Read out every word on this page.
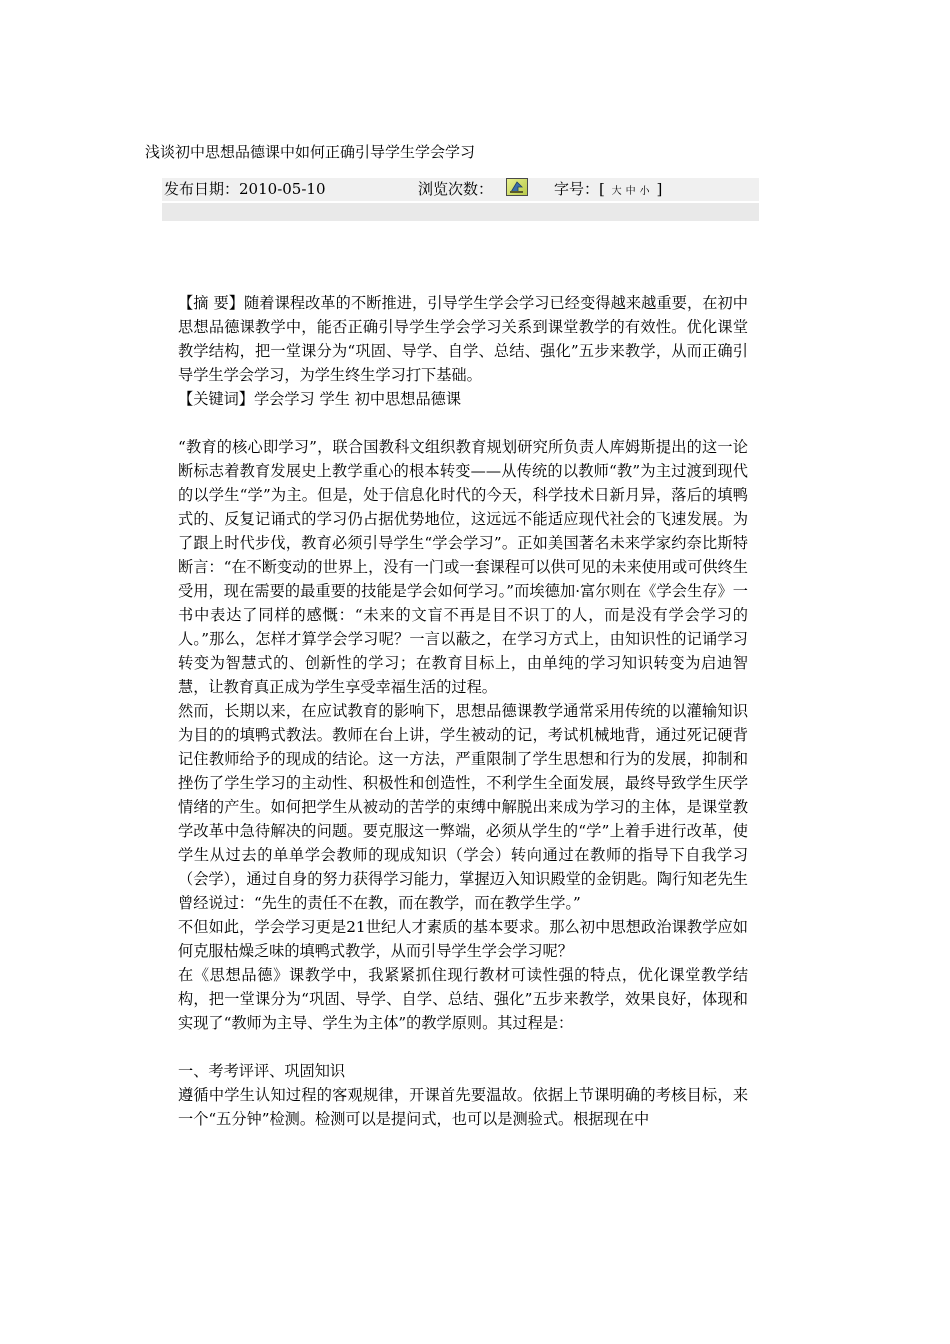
浅谈初中思想品德课中如何正确引导学生学会学习
发布日期：2010-05-10	浏览次数：	字号：[ 大 中 小 ]

【摘 要】随着课程改革的不断推进，引导学生学会学习已经变得越来越重要，在初中思想品德课教学中，能否正确引导学生学会学习关系到课堂教学的有效性。优化课堂教学结构，把一堂课分为“巩固、导学、自学、总结、强化”五步来教学，从而正确引导学生学会学习，为学生终生学习打下基础。

【关键词】学会学习 学生 初中思想品德课

“教育的核心即学习”，联合国教科文组织教育规划研究所负责人库姆斯提出的这一论断标志着教育发展史上教学重心的根本转变——从传统的以教师“教”为主过渡到现代的以学生“学”为主。但是，处于信息化时代的今天，科学技术日新月异，落后的填鸭式的、反复记诵式的学习仍占据优势地位，这远远不能适应现代社会的飞速发展。为了跟上时代步伐，教育必须引导学生“学会学习”。正如美国著名未来学家约奈比斯特断言：“在不断变动的世界上，没有一门或一套课程可以供可见的未来使用或可供终生受用，现在需要的最重要的技能是学会如何学习。”而埃德加·富尔则在《学会生存》一书中表达了同样的感慨：“未来的文盲不再是目不识丁的人，而是没有学会学习的人。”那么，怎样才算学会学习呢？一言以蔽之，在学习方式上，由知识性的记诵学习转变为智慧式的、创新性的学习；在教育目标上，由单纯的学习知识转变为启迪智慧，让教育真正成为学生享受幸福生活的过程。

然而，长期以来，在应试教育的影响下，思想品德课教学通常采用传统的以灌输知识为目的的填鸭式教法。教师在台上讲，学生被动的记，考试机械地背，通过死记硬背记住教师给予的现成的结论。这一方法，严重限制了学生思想和行为的发展，抑制和挫伤了学生学习的主动性、积极性和创造性，不利学生全面发展，最终导致学生厌学情绪的产生。如何把学生从被动的苦学的束缚中解脱出来成为学习的主体，是课堂教学改革中急待解决的问题。要克服这一弊端，必须从学生的“学”上着手进行改革，使学生从过去的单单学会教师的现成知识（学会）转向通过在教师的指导下自我学习（会学），通过自身的努力获得学习能力，掌握迈入知识殿堂的金钥匙。陶行知老先生曾经说过：“先生的责任不在教，而在教学，而在教学生学。”

不但如此，学会学习更是21世纪人才素质的基本要求。那么初中思想政治课教学应如何克服枯燥乏味的填鸭式教学，从而引导学生学会学习呢？

在《思想品德》课教学中，我紧紧抓住现行教材可读性强的特点，优化课堂教学结构，把一堂课分为“巩固、导学、自学、总结、强化”五步来教学，效果良好，体现和实现了“教师为主导、学生为主体”的教学原则。其过程是：

一、考考评评、巩固知识

遵循中学生认知过程的客观规律，开课首先要温故。依据上节课明确的考核目标，来一个“五分钟”检测。检测可以是提问式，也可以是测验式。根据现在中
